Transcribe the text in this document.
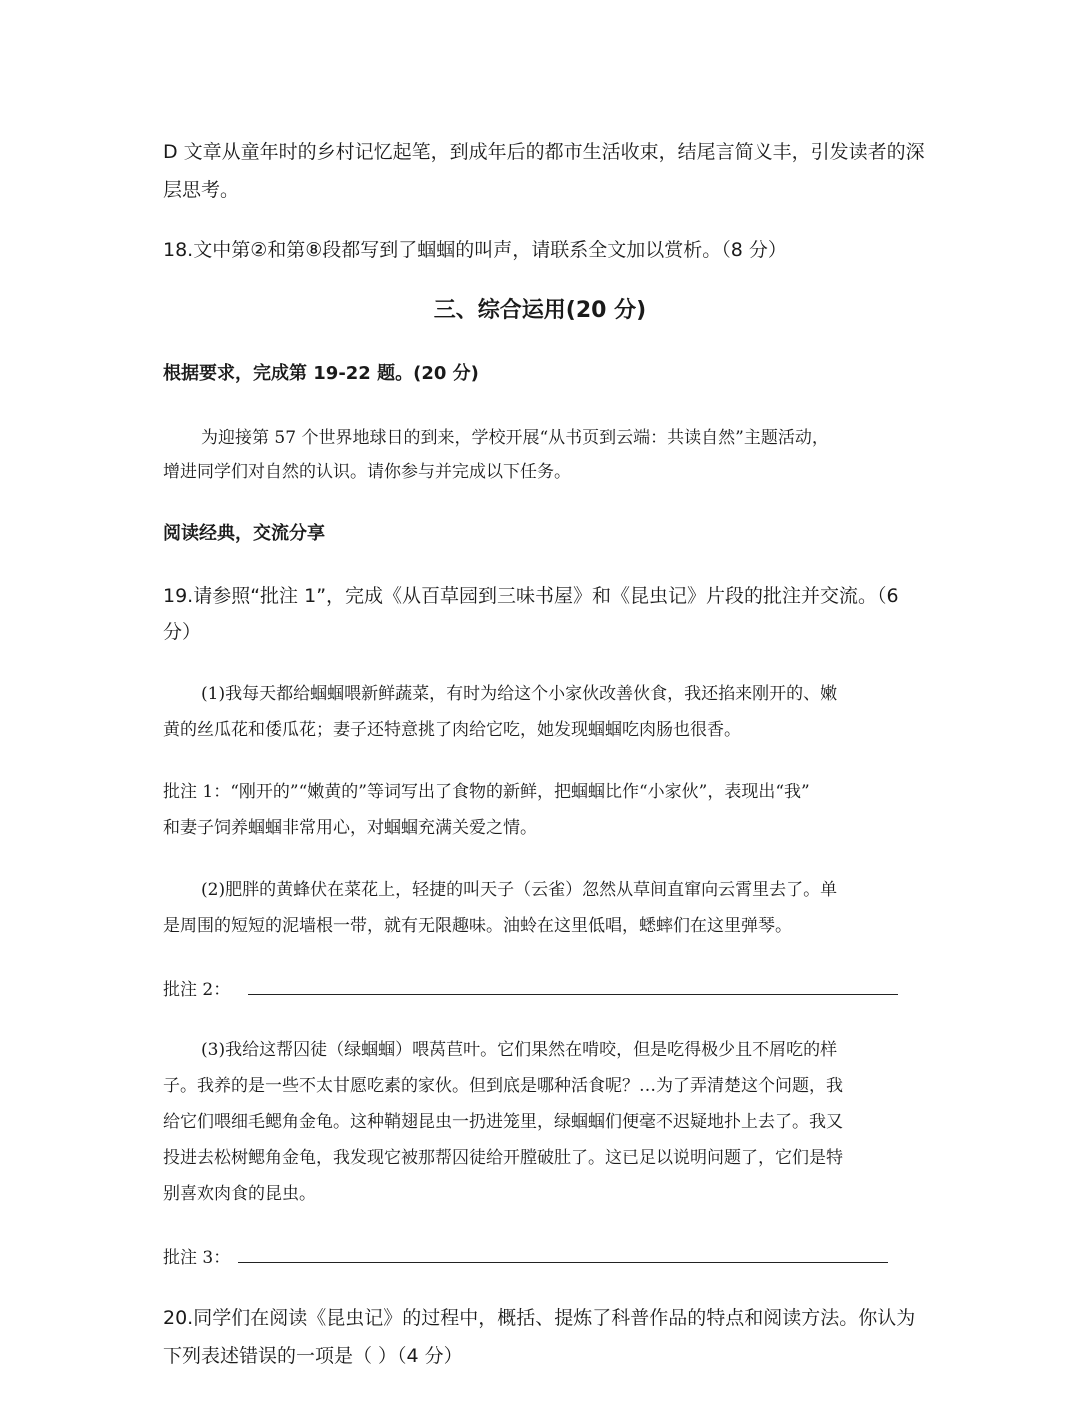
D 文章从童年时的乡村记忆起笔，到成年后的都市生活收束，结尾言简义丰，引发读者的深
层思考。
18.文中第②和第⑧段都写到了蝈蝈的叫声，请联系全文加以赏析。（8 分）
三、综合运用(20 分)
根据要求，完成第 19-22 题。(20 分)
为迎接第 57 个世界地球日的到来，学校开展“从书页到云端：共读自然”主题活动，
增进同学们对自然的认识。请你参与并完成以下任务。
阅读经典，交流分享
19.请参照“批注 1”，完成《从百草园到三味书屋》和《昆虫记》片段的批注并交流。（6
分）
(1)我每天都给蝈蝈喂新鲜蔬菜，有时为给这个小家伙改善伙食，我还掐来刚开的、嫩
黄的丝瓜花和倭瓜花；妻子还特意挑了肉给它吃，她发现蝈蝈吃肉肠也很香。
批注 1：“刚开的”“嫩黄的”等词写出了食物的新鲜，把蝈蝈比作“小家伙”，表现出“我”
和妻子饲养蝈蝈非常用心，对蝈蝈充满关爱之情。
(2)肥胖的黄蜂伏在菜花上，轻捷的叫天子（云雀）忽然从草间直窜向云霄里去了。单
是周围的短短的泥墙根一带，就有无限趣味。油蛉在这里低唱，蟋蟀们在这里弹琴。
批注 2：
(3)我给这帮囚徒（绿蝈蝈）喂莴苣叶。它们果然在啃咬，但是吃得极少且不屑吃的样
子。我养的是一些不太甘愿吃素的家伙。但到底是哪种活食呢？…为了弄清楚这个问题，我
给它们喂细毛鳃角金龟。这种鞘翅昆虫一扔进笼里，绿蝈蝈们便毫不迟疑地扑上去了。我又
投进去松树鳃角金龟，我发现它被那帮囚徒给开膛破肚了。这已足以说明问题了，它们是特
别喜欢肉食的昆虫。
批注 3：
20.同学们在阅读《昆虫记》的过程中，概括、提炼了科普作品的特点和阅读方法。你认为
下列表述错误的一项是（ ）（4 分）
